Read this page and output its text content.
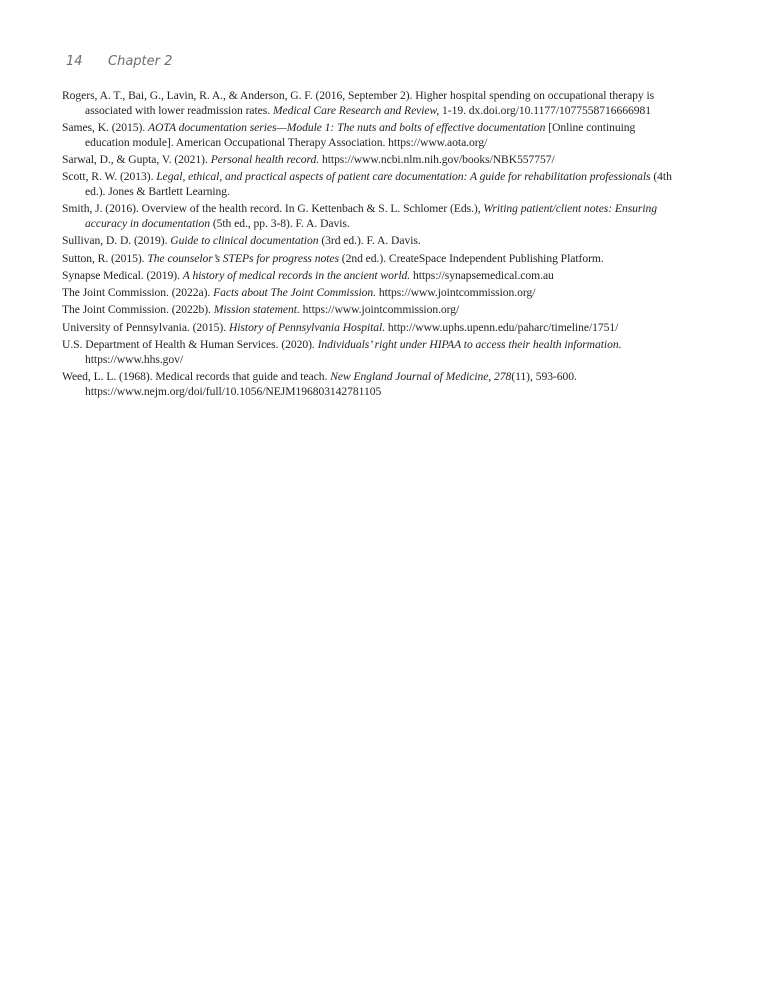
14 Chapter 2
Rogers, A. T., Bai, G., Lavin, R. A., & Anderson, G. F. (2016, September 2). Higher hospital spending on occupational therapy is associated with lower readmission rates. Medical Care Research and Review, 1-19. dx.doi.org/10.1177/1077558716666981
Sames, K. (2015). AOTA documentation series—Module 1: The nuts and bolts of effective documentation [Online continuing education module]. American Occupational Therapy Association. https://www.aota.org/
Sarwal, D., & Gupta, V. (2021). Personal health record. https://www.ncbi.nlm.nih.gov/books/NBK557757/
Scott, R. W. (2013). Legal, ethical, and practical aspects of patient care documentation: A guide for rehabilitation professionals (4th ed.). Jones & Bartlett Learning.
Smith, J. (2016). Overview of the health record. In G. Kettenbach & S. L. Schlomer (Eds.), Writing patient/client notes: Ensuring accuracy in documentation (5th ed., pp. 3-8). F. A. Davis.
Sullivan, D. D. (2019). Guide to clinical documentation (3rd ed.). F. A. Davis.
Sutton, R. (2015). The counselor’s STEPs for progress notes (2nd ed.). CreateSpace Independent Publishing Platform.
Synapse Medical. (2019). A history of medical records in the ancient world. https://synapsemedical.com.au
The Joint Commission. (2022a). Facts about The Joint Commission. https://www.jointcommission.org/
The Joint Commission. (2022b). Mission statement. https://www.jointcommission.org/
University of Pennsylvania. (2015). History of Pennsylvania Hospital. http://www.uphs.upenn.edu/paharc/timeline/1751/
U.S. Department of Health & Human Services. (2020). Individuals’ right under HIPAA to access their health information. https://www.hhs.gov/
Weed, L. L. (1968). Medical records that guide and teach. New England Journal of Medicine, 278(11), 593-600. https://www.nejm.org/doi/full/10.1056/NEJM196803142781105
